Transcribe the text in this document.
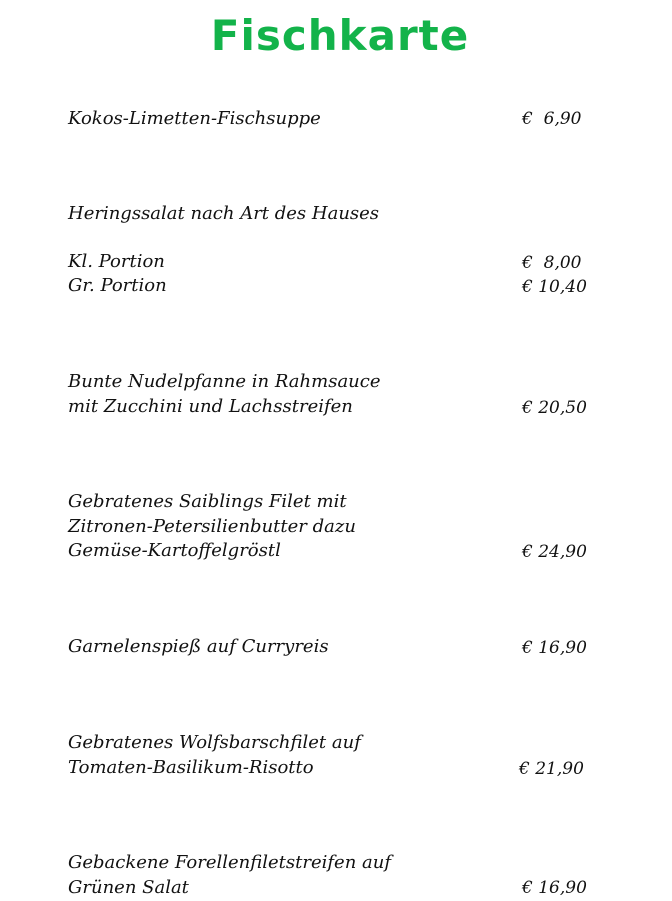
Fischkarte
Kokos-Limetten-Fischsuppe	€  6,90
Heringssalat nach Art des Hauses
Kl. Portion	€  8,00
Gr. Portion	€ 10,40
Bunte Nudelpfanne in Rahmsauce
mit Zucchini und Lachsstreifen	€ 20,50
Gebratenes Saiblings Filet mit
Zitronen-Petersilienbutter dazu
Gemüse-Kartoffelgröstl	€ 24,90
Garnelenspieß auf Curryreis	€ 16,90
Gebratenes Wolfsbarschfilet auf
Tomaten-Basilikum-Risotto	€ 21,90
Gebackene Forellenfiletstreifen auf
Grünen Salat	€ 16,90
